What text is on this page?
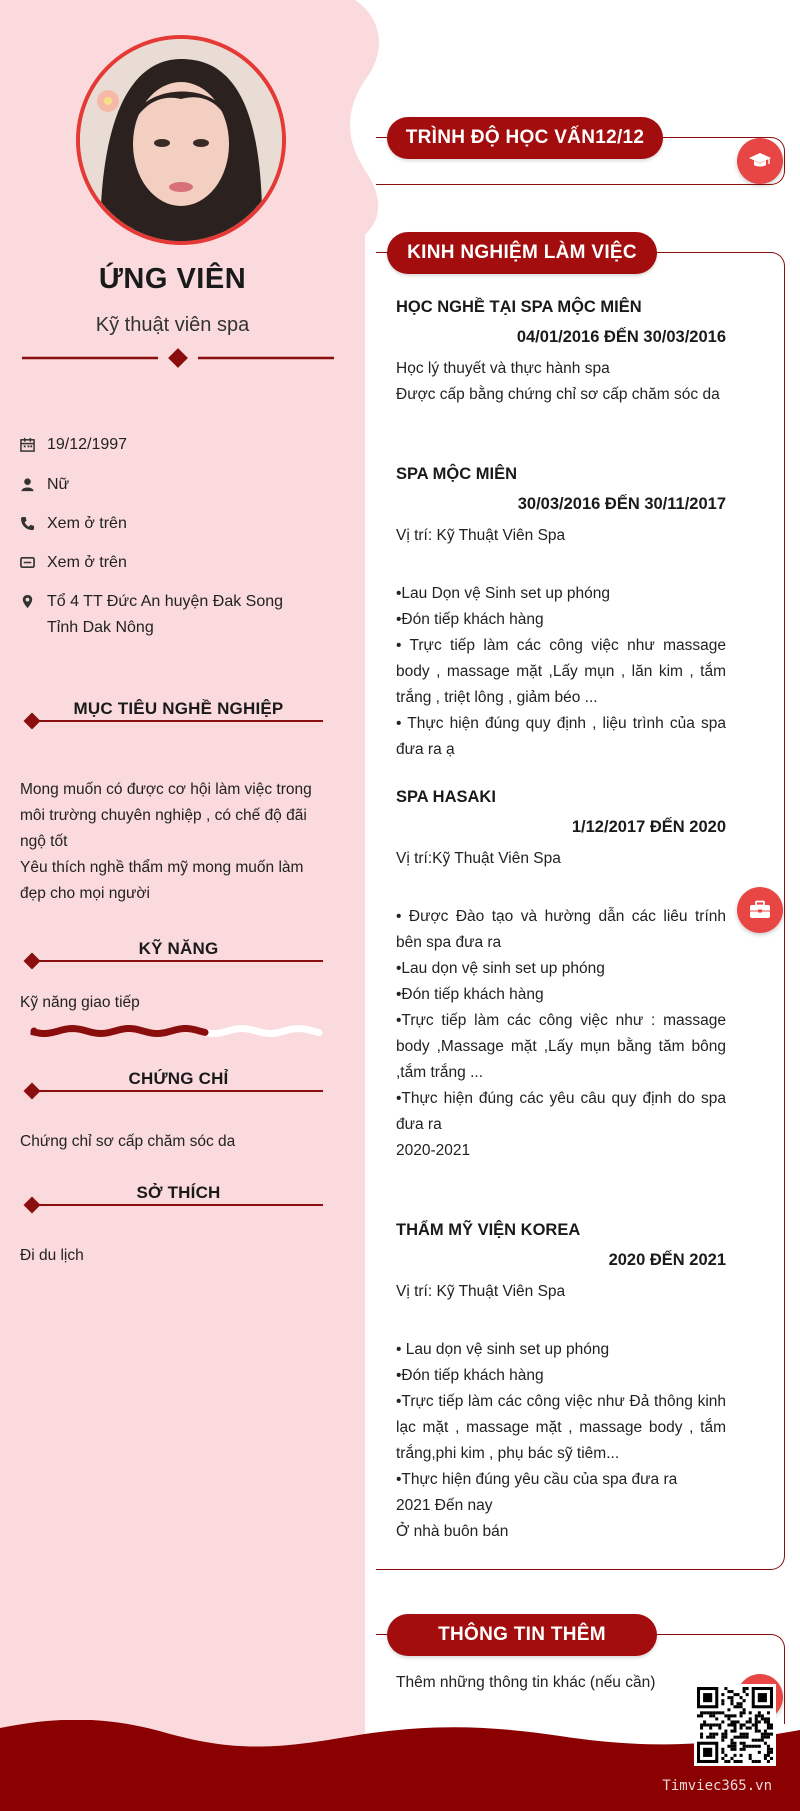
ỨNG VIÊN
Kỹ thuật viên spa
19/12/1997
Nữ
Xem ở trên
Xem ở trên
Tổ 4 TT Đức An huyện Đak Song
Tỉnh Dak Nông
MỤC TIÊU NGHỀ NGHIỆP
Mong muốn có được cơ hội làm việc trong môi trường chuyên nghiệp , có chế độ đãi ngộ tốt
Yêu thích nghề thẩm mỹ mong muốn làm đẹp cho mọi người
KỸ NĂNG
Kỹ năng giao tiếp
CHỨNG CHỈ
Chứng chỉ sơ cấp chăm sóc da
SỞ THÍCH
Đi du lịch
TRÌNH ĐỘ HỌC VẤN12/12
KINH NGHIỆM LÀM VIỆC
HỌC NGHỀ TẠI SPA MỘC MIÊN
04/01/2016 ĐẾN 30/03/2016
Học lý thuyết và thực hành spa
Được cấp bằng chứng chỉ sơ cấp chăm sóc da
SPA MỘC MIÊN
30/03/2016 ĐẾN 30/11/2017
Vị trí: Kỹ Thuật Viên Spa
•Lau Dọn vệ Sinh set up phóng
•Đón tiếp khách hàng
• Trực tiếp làm các công việc như massage body , massage mặt ,Lấy mụn , lăn kim , tắm trắng , triệt lông , giảm béo ...
• Thực hiện đúng quy định , liệu trình của spa đưa ra ạ
SPA HASAKI
1/12/2017 ĐẾN 2020
Vị trí:Kỹ Thuật Viên Spa
• Được Đào tạo và hường dẫn các liêu trính bên spa đưa ra
•Lau dọn vệ sinh set up phóng
•Đón tiếp khách hàng
•Trực tiếp làm các công việc như : massage body ,Massage mặt ,Lấy mụn bằng tăm bông ,tắm trắng ...
•Thực hiện đúng các yêu câu quy định do spa đưa ra
2020-2021
THẨM MỸ VIỆN KOREA
2020 ĐẾN 2021
Vị trí: Kỹ Thuật Viên Spa
• Lau dọn vệ sinh set up phóng
•Đón tiếp khách hàng
•Trực tiếp làm các công việc như Đả thông kinh lạc mặt , massage mặt , massage body , tắm trắng,phi kim , phụ bác sỹ tiêm...
•Thực hiện đúng yêu cầu của spa đưa ra
2021 Đến nay
Ở nhà buôn bán
THÔNG TIN THÊM
Thêm những thông tin khác (nếu cần)
Timviec365.vn
